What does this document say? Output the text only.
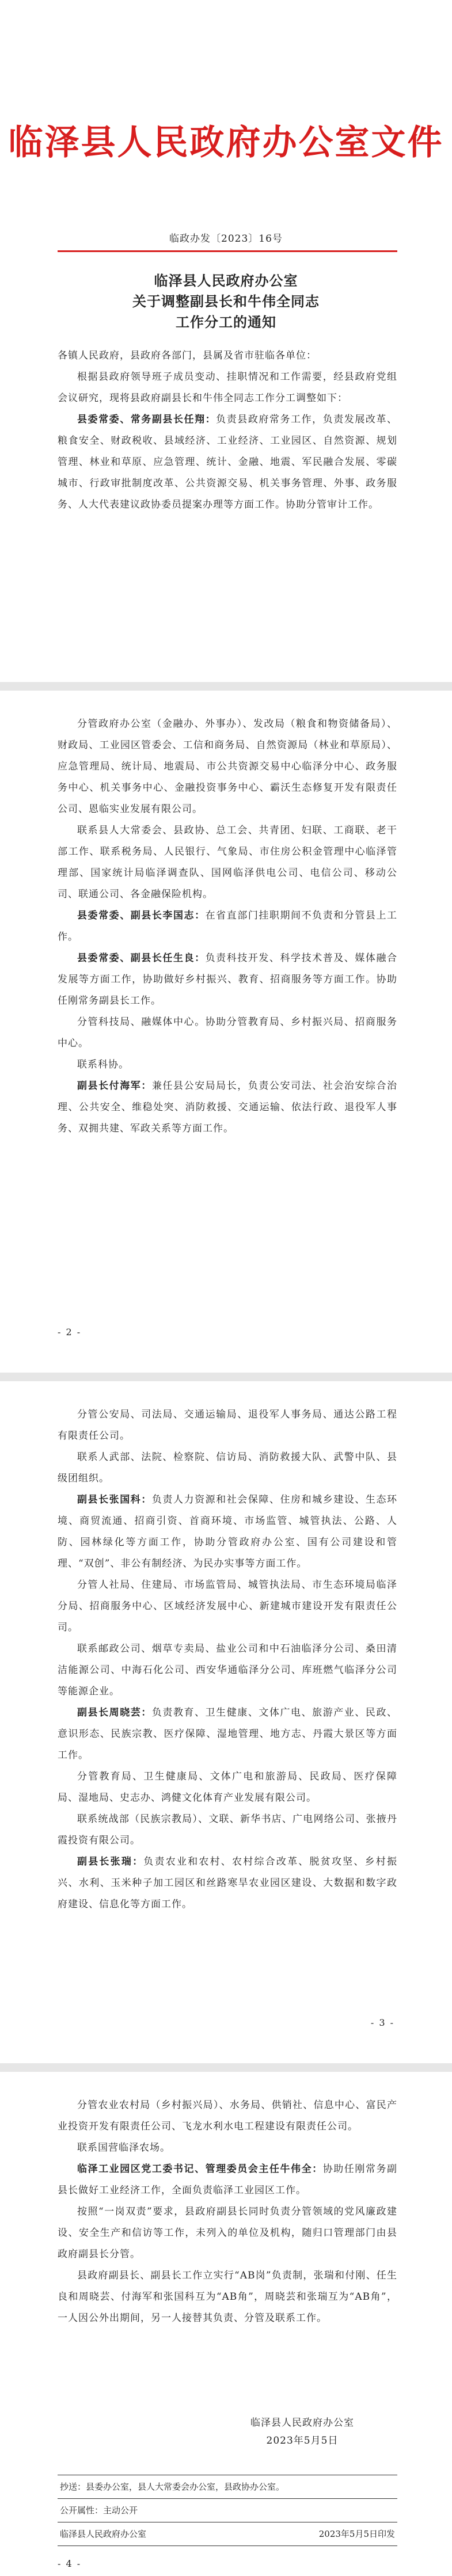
临泽县人民政府办公室文件
临政办发〔2023〕16号
临泽县人民政府办公室
关于调整副县长和牛伟全同志
工作分工的通知

各镇人民政府，县政府各部门，县属及省市驻临各单位：

根据县政府领导班子成员变动、挂职情况和工作需要，经县政府党组会议研究，现将县政府副县长和牛伟全同志工作分工调整如下：

县委常委、常务副县长任翔：负责县政府常务工作，负责发展改革、粮食安全、财政税收、县域经济、工业经济、工业园区、自然资源、规划管理、林业和草原、应急管理、统计、金融、地震、军民融合发展、零碳城市、行政审批制度改革、公共资源交易、机关事务管理、外事、政务服务、人大代表建议政协委员提案办理等方面工作。协助分管审计工作。

分管政府办公室（金融办、外事办）、发改局（粮食和物资储备局）、财政局、工业园区管委会、工信和商务局、自然资源局（林业和草原局）、应急管理局、统计局、地震局、市公共资源交易中心临泽分中心、政务服务中心、机关事务中心、金融投资事务中心、霸沃生态修复开发有限责任公司、恩临实业发展有限公司。

联系县人大常委会、县政协、总工会、共青团、妇联、工商联、老干部工作、联系税务局、人民银行、气象局、市住房公积金管理中心临泽管理部、国家统计局临泽调查队、国网临泽供电公司、电信公司、移动公司、联通公司、各金融保险机构。

县委常委、副县长李国志：在省直部门挂职期间不负责和分管县上工作。

县委常委、副县长任生良：负责科技开发、科学技术普及、媒体融合发展等方面工作，协助做好乡村振兴、教育、招商服务等方面工作。协助任刚常务副县长工作。

分管科技局、融媒体中心。协助分管教育局、乡村振兴局、招商服务中心。

联系科协。

副县长付海军：兼任县公安局局长，负责公安司法、社会治安综合治理、公共安全、维稳处突、消防救援、交通运输、依法行政、退役军人事务、双拥共建、军政关系等方面工作。

- 2 -

分管公安局、司法局、交通运输局、退役军人事务局、通达公路工程有限责任公司。

联系人武部、法院、检察院、信访局、消防救援大队、武警中队、县级团组织。

副县长张国科：负责人力资源和社会保障、住房和城乡建设、生态环境、商贸流通、招商引资、首商环境、市场监管、城管执法、公路、人防、园林绿化等方面工作，协助分管政府办公室、国有公司建设和管理、“双创”、非公有制经济、为民办实事等方面工作。

分管人社局、住建局、市场监管局、城管执法局、市生态环境局临泽分局、招商服务中心、区域经济发展中心、新建城市建设开发有限责任公司。

联系邮政公司、烟草专卖局、盐业公司和中石油临泽分公司、桑田清洁能源公司、中海石化公司、西安华通临泽分公司、库班燃气临泽分公司等能源企业。

副县长周晓芸：负责教育、卫生健康、文体广电、旅游产业、民政、意识形态、民族宗教、医疗保障、湿地管理、地方志、丹霞大景区等方面工作。

分管教育局、卫生健康局、文体广电和旅游局、民政局、医疗保障局、湿地局、史志办、鸿健文化体育产业发展有限公司。

联系统战部（民族宗教局）、文联、新华书店、广电网络公司、张掖丹霞投资有限公司。

副县长张瑞：负责农业和农村、农村综合改革、脱贫攻坚、乡村振兴、水利、玉米种子加工园区和丝路寒旱农业园区建设、大数据和数字政府建设、信息化等方面工作。

- 3 -

分管农业农村局（乡村振兴局）、水务局、供销社、信息中心、富民产业投资开发有限责任公司、飞龙水利水电工程建设有限责任公司。

联系国营临泽农场。

临泽工业园区党工委书记、管理委员会主任牛伟全：协助任刚常务副县长做好工业经济工作，全面负责临泽工业园区工作。

按照“一岗双责”要求，县政府副县长同时负责分管领域的党风廉政建设、安全生产和信访等工作，未列入的单位及机构，随归口管理部门由县政府副县长分管。

县政府副县长、副县长工作立实行“AB岗”负责制，张瑞和付刚、任生良和周晓芸、付海军和张国科互为“AB角”，周晓芸和张瑞互为“AB角”，一人因公外出期间，另一人接替其负责、分管及联系工作。

临泽县人民政府办公室
2023年5月5日
抄送：县委办公室，县人大常委会办公室，县政协办公室。
公开属性：主动公开
临泽县人民政府办公室	2023年5月5日印发
- 4 -
